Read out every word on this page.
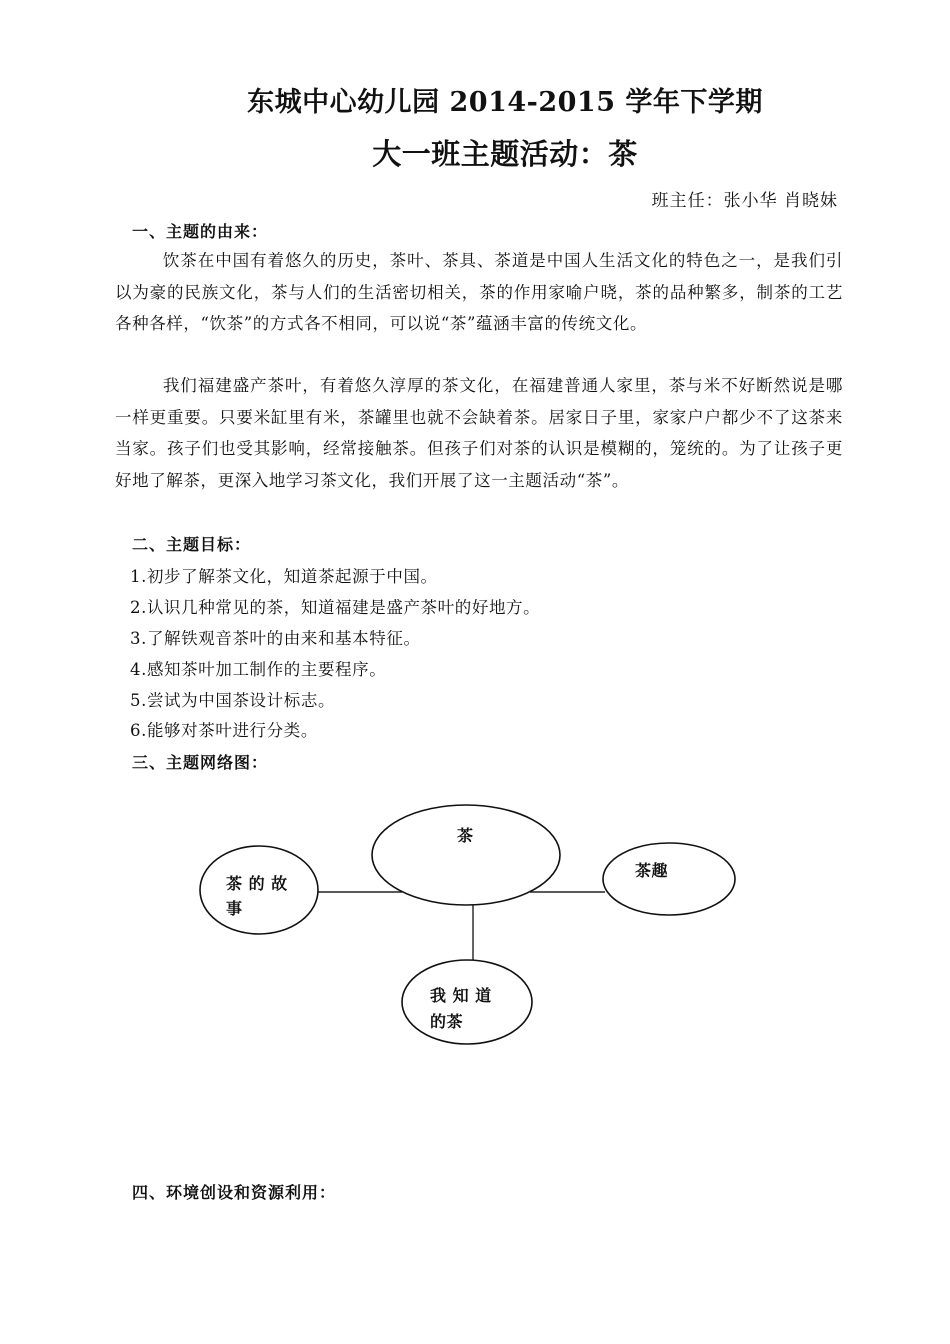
东城中心幼儿园 2014-2015 学年下学期
大一班主题活动：茶
班主任：张小华 肖晓妹
一、主题的由来：

饮茶在中国有着悠久的历史，茶叶、茶具、茶道是中国人生活文化的特色之一，是我们引以为豪的民族文化，茶与人们的生活密切相关，茶的作用家喻户晓，茶的品种繁多，制茶的工艺各种各样，“饮茶”的方式各不相同，可以说“茶”蕴涵丰富的传统文化。

我们福建盛产茶叶，有着悠久淳厚的茶文化，在福建普通人家里，茶与米不好断然说是哪一样更重要。只要米缸里有米，茶罐里也就不会缺着茶。居家日子里，家家户户都少不了这茶来当家。孩子们也受其影响，经常接触茶。但孩子们对茶的认识是模糊的，笼统的。为了让孩子更好地了解茶，更深入地学习茶文化，我们开展了这一主题活动“茶”。

二、主题目标：
1.初步了解茶文化，知道茶起源于中国。
2.认识几种常见的茶，知道福建是盛产茶叶的好地方。
3.了解铁观音茶叶的由来和基本特征。
4.感知茶叶加工制作的主要程序。
5.尝试为中国茶设计标志。
6.能够对茶叶进行分类。
三、主题网络图：
茶
茶 的 故
事
茶趣
我 知 道
的茶
四、环境创设和资源利用：
